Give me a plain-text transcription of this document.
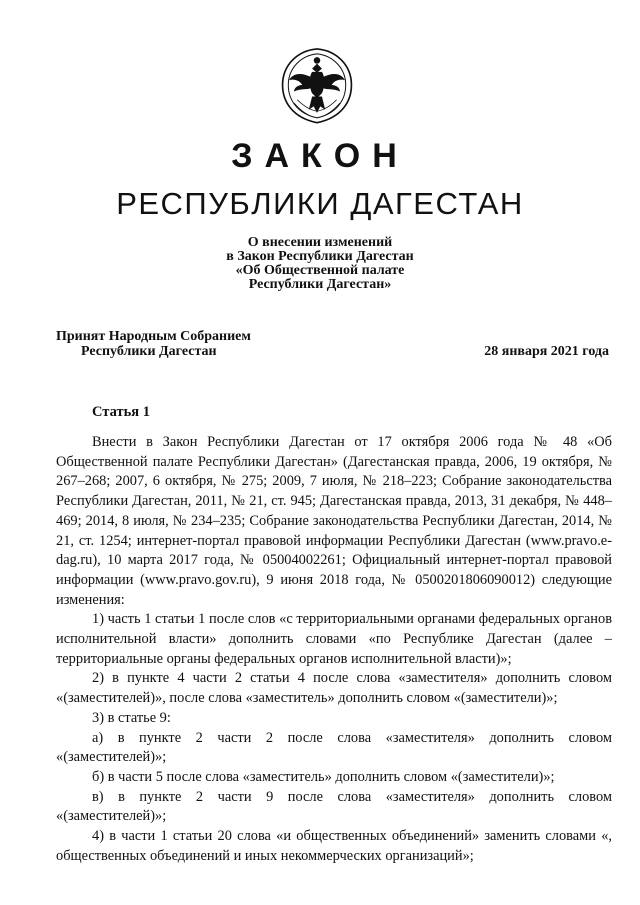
ЗАКОН
РЕСПУБЛИКИ ДАГЕСТАН
О внесении изменений
в Закон Республики Дагестан
«Об Общественной палате
Республики Дагестан»
Принят Народным Собранием
Республики Дагестан	28 января 2021 года
Статья 1

Внести в Закон Республики Дагестан от 17 октября 2006 года № 48 «Об Общественной палате Республики Дагестан» (Дагестанская правда, 2006, 19 октября, № 267–268; 2007, 6 октября, № 275; 2009, 7 июля, № 218–223; Собрание законодательства Республики Дагестан, 2011, № 21, ст. 945; Дагестанская правда, 2013, 31 декабря, № 448–469; 2014, 8 июля, № 234–235; Собрание законодательства Республики Дагестан, 2014, № 21, ст. 1254; интернет-портал правовой информации Республики Дагестан (www.pravo.e-dag.ru), 10 марта 2017 года, № 05004002261; Официальный интернет-портал правовой информации (www.pravo.gov.ru), 9 июня 2018 года, № 0500201806090012) следующие изменения:

1) часть 1 статьи 1 после слов «с территориальными органами федеральных органов исполнительной власти» дополнить словами «по Республике Дагестан (далее – территориальные органы федеральных органов исполнительной власти)»;

2) в пункте 4 части 2 статьи 4 после слова «заместителя» дополнить словом «(заместителей)», после слова «заместитель» дополнить словом «(заместители)»;

3) в статье 9:

а) в пункте 2 части 2 после слова «заместителя» дополнить словом «(заместителей)»;

б) в части 5 после слова «заместитель» дополнить словом «(заместители)»;

в) в пункте 2 части 9 после слова «заместителя» дополнить словом «(заместителей)»;

4) в части 1 статьи 20 слова «и общественных объединений» заменить словами «, общественных объединений и иных некоммерческих организаций»;
